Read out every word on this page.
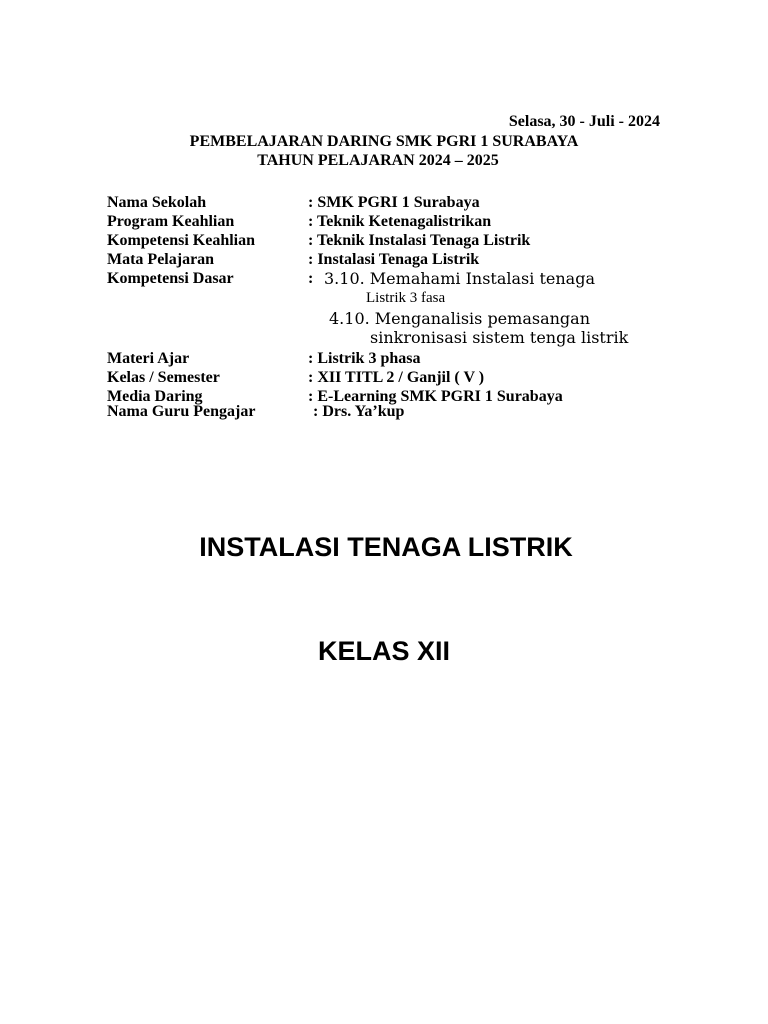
Selasa, 30 - Juli - 2024
PEMBELAJARAN DARING SMK PGRI 1 SURABAYA
TAHUN PELAJARAN 2024 – 2025
Nama Sekolah	: SMK PGRI 1 Surabaya
Program Keahlian	: Teknik Ketenagalistrikan
Kompetensi Keahlian	: Teknik Instalasi Tenaga Listrik
Mata Pelajaran	: Instalasi Tenaga Listrik
Kompetensi Dasar	: 3.10. Memahami Instalasi tenaga
Listrik 3 fasa
4.10. Menganalisis pemasangan
sinkronisasi sistem tenga listrik
Materi Ajar	: Listrik 3 phasa
Kelas / Semester	: XII TITL 2 / Ganjil ( V )
Media Daring	: E-Learning SMK PGRI 1 Surabaya
Nama Guru Pengajar	: Drs. Ya’kup
INSTALASI TENAGA LISTRIK
KELAS XII
